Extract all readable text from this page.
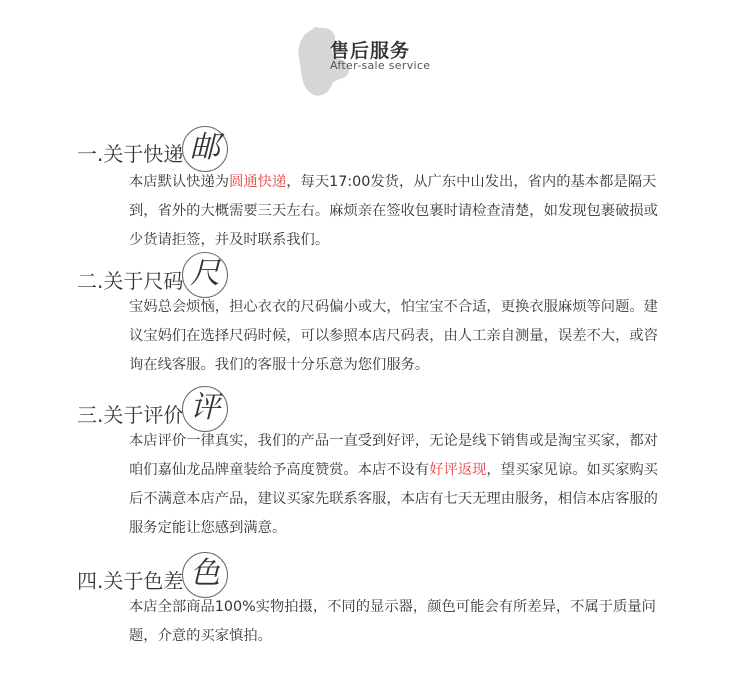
售后服务
After-sale service
一.关于快递 邮
本店默认快递为圆通快递，每天17:00发货，从广东中山发出，省内的基本都是隔天到，省外的大概需要三天左右。麻烦亲在签收包裹时请检查清楚，如发现包裹破损或少货请拒签，并及时联系我们。
二.关于尺码 尺
宝妈总会烦恼，担心衣衣的尺码偏小或大，怕宝宝不合适，更换衣服麻烦等问题。建议宝妈们在选择尺码时候，可以参照本店尺码表，由人工亲自测量，误差不大，或咨询在线客服。我们的客服十分乐意为您们服务。
三.关于评价 评
本店评价一律真实，我们的产品一直受到好评，无论是线下销售或是淘宝买家，都对咱们嘉仙龙品牌童装给予高度赞赏。本店不设有好评返现，望买家见谅。如买家购买后不满意本店产品，建议买家先联系客服，本店有七天无理由服务，相信本店客服的服务定能让您感到满意。
四.关于色差 色
本店全部商品100%实物拍摄，不同的显示器，颜色可能会有所差异，不属于质量问题，介意的买家慎拍。
